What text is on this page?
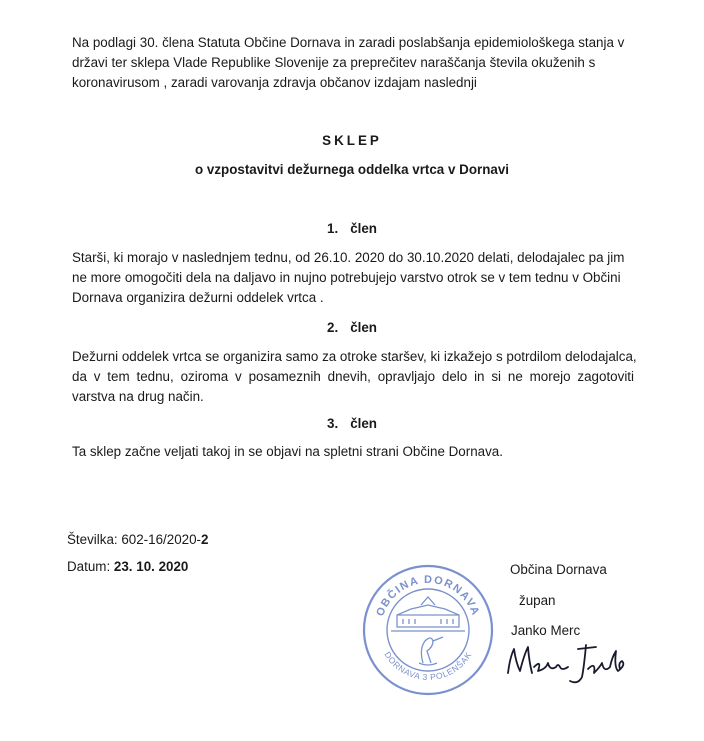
Na podlagi 30. člena Statuta Občine Dornava in zaradi poslabšanja epidemiološkega stanja v

državi ter sklepa Vlade Republike Slovenije za preprečitev naraščanja števila okuženih s

koronavirusom , zaradi varovanja zdravja občanov izdajam naslednji

SKLEP
o vzpostavitvi dežurnega oddelka vrtca v Dornavi
1. člen

Starši, ki morajo v naslednjem tednu, od 26.10. 2020 do 30.10.2020 delati, delodajalec pa jim

ne more omogočiti dela na daljavo in nujno potrebujejo varstvo otrok se v tem tednu v Občini

Dornava organizira dežurni oddelek vrtca .

2. člen

Dežurni oddelek vrtca se organizira samo za otroke staršev, ki izkažejo s potrdilom delodajalca,

da v tem tednu, oziroma v posameznih dnevih, opravljajo delo in si ne morejo zagotoviti

varstva na drug način.

3. člen

Ta sklep začne veljati takoj in se objavi na spletni strani Občine Dornava.

Številka: 602-16/2020-2
Datum: 23. 10. 2020	Občina Dornava
župan
Janko Merc
OBČINA DORNAVA
DORNAVA 3 POLENŠAK
